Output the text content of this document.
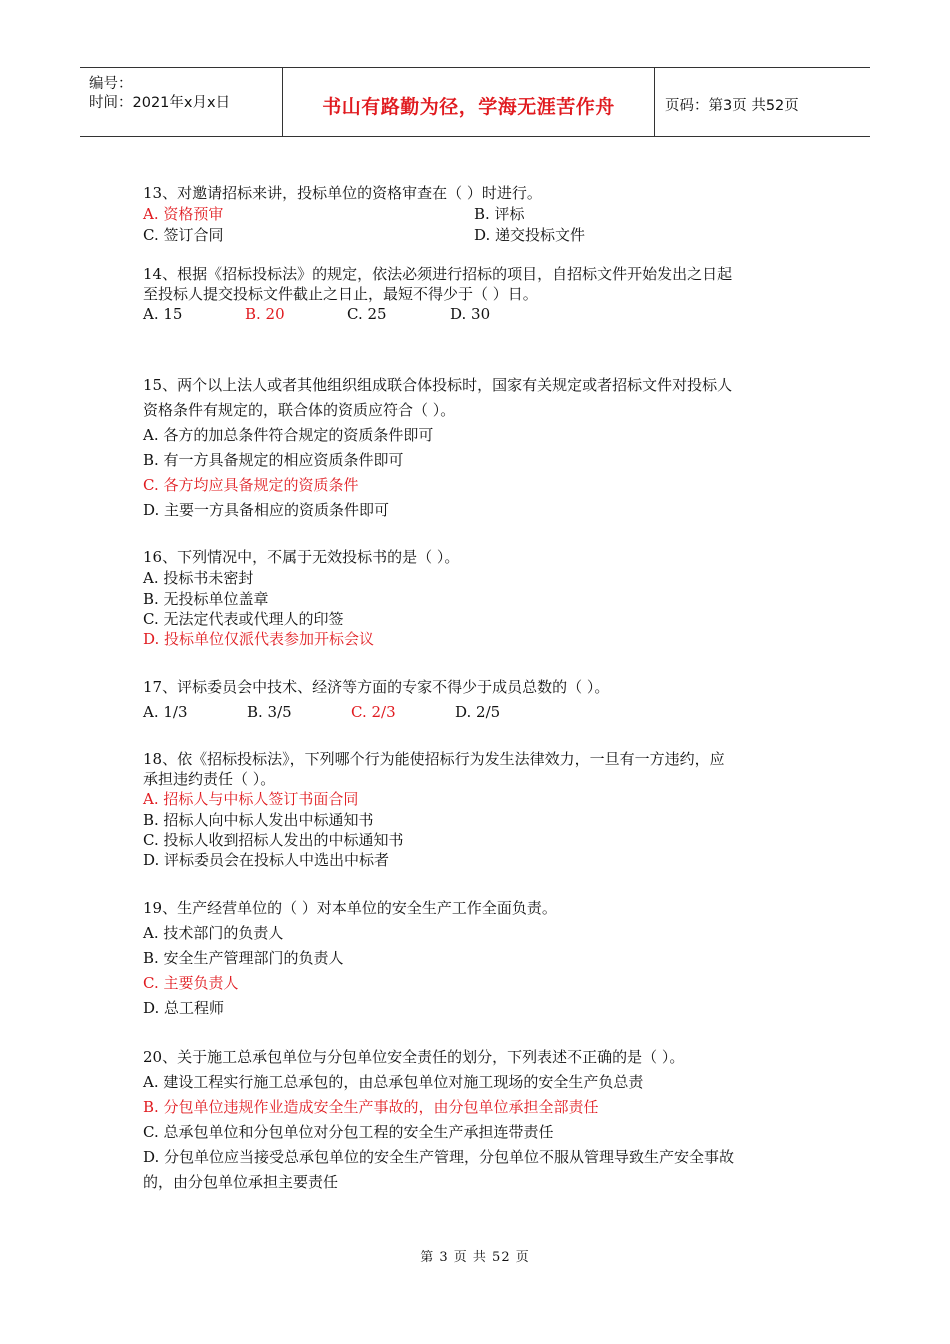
编号：
时间：2021年x月x日	书山有路勤为径，学海无涯苦作舟	页码：第3页 共52页
13、对邀请招标来讲，投标单位的资格审查在（ ）时进行。
A. 资格预审	B. 评标
C. 签订合同	D. 递交投标文件
14、根据《招标投标法》的规定，依法必须进行招标的项目，自招标文件开始发出之日起
至投标人提交投标文件截止之日止，最短不得少于（ ）日。
A. 15	B. 20	C. 25	D. 30
15、两个以上法人或者其他组织组成联合体投标时，国家有关规定或者招标文件对投标人
资格条件有规定的，联合体的资质应符合（ ）。
A. 各方的加总条件符合规定的资质条件即可
B. 有一方具备规定的相应资质条件即可
C. 各方均应具备规定的资质条件
D. 主要一方具备相应的资质条件即可
16、下列情况中，不属于无效投标书的是（ ）。
A. 投标书未密封
B. 无投标单位盖章
C. 无法定代表或代理人的印签
D. 投标单位仅派代表参加开标会议
17、评标委员会中技术、经济等方面的专家不得少于成员总数的（ ）。
A. 1/3	B. 3/5	C. 2/3	D. 2/5
18、依《招标投标法》，下列哪个行为能使招标行为发生法律效力，一旦有一方违约，应
承担违约责任（ ）。
A. 招标人与中标人签订书面合同
B. 招标人向中标人发出中标通知书
C. 投标人收到招标人发出的中标通知书
D. 评标委员会在投标人中选出中标者
19、生产经营单位的（ ）对本单位的安全生产工作全面负责。
A. 技术部门的负责人
B. 安全生产管理部门的负责人
C. 主要负责人
D. 总工程师
20、关于施工总承包单位与分包单位安全责任的划分，下列表述不正确的是（ ）。
A. 建设工程实行施工总承包的，由总承包单位对施工现场的安全生产负总责
B. 分包单位违规作业造成安全生产事故的，由分包单位承担全部责任
C. 总承包单位和分包单位对分包工程的安全生产承担连带责任
D. 分包单位应当接受总承包单位的安全生产管理，分包单位不服从管理导致生产安全事故
的，由分包单位承担主要责任
第 3 页 共 52 页
